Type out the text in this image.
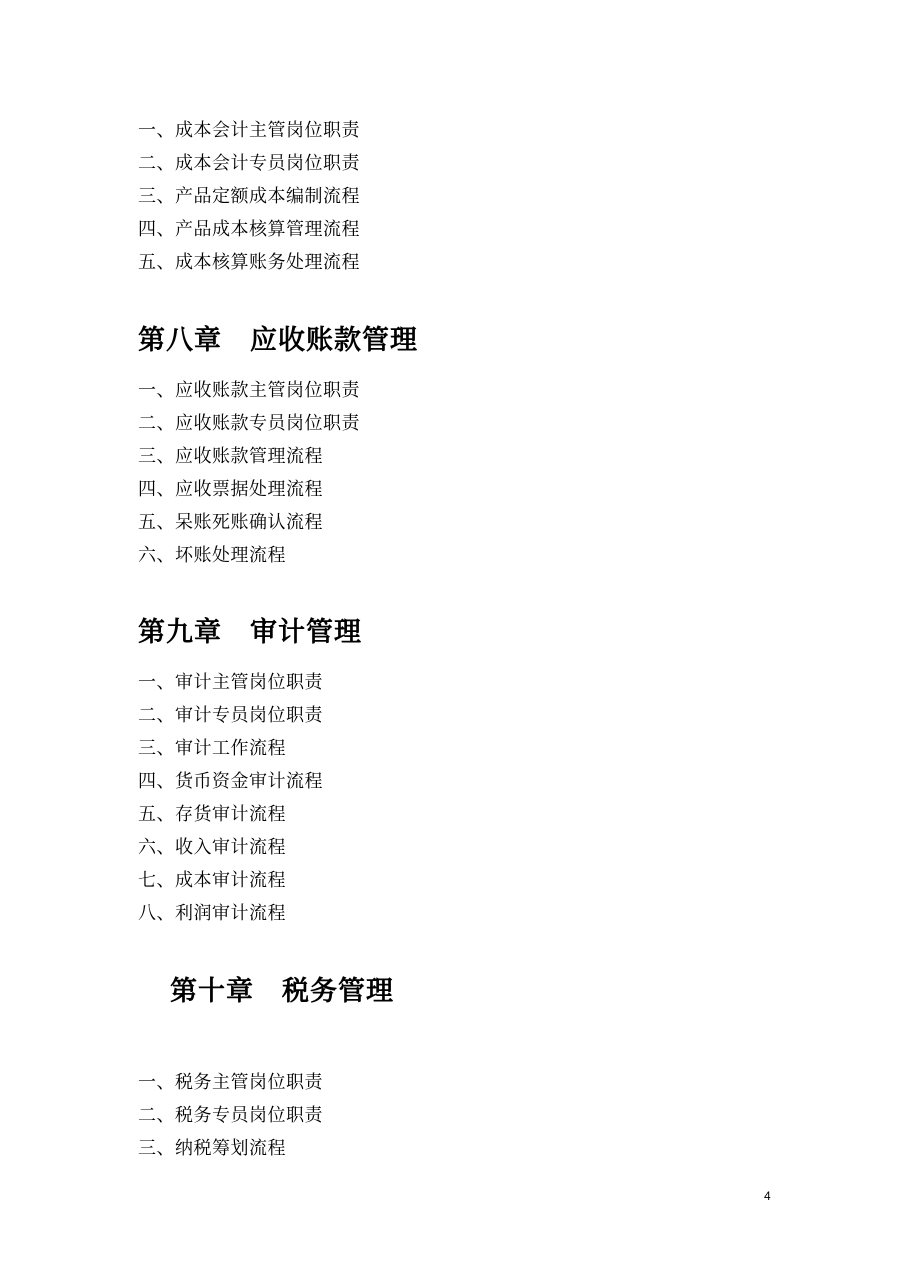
一、成本会计主管岗位职责
二、成本会计专员岗位职责
三、产品定额成本编制流程
四、产品成本核算管理流程
五、成本核算账务处理流程
第八章 应收账款管理
一、应收账款主管岗位职责
二、应收账款专员岗位职责
三、应收账款管理流程
四、应收票据处理流程
五、呆账死账确认流程
六、坏账处理流程
第九章 审计管理
一、审计主管岗位职责
二、审计专员岗位职责
三、审计工作流程
四、货币资金审计流程
五、存货审计流程
六、收入审计流程
七、成本审计流程
八、利润审计流程
第十章 税务管理
一、税务主管岗位职责
二、税务专员岗位职责
三、纳税筹划流程
4
